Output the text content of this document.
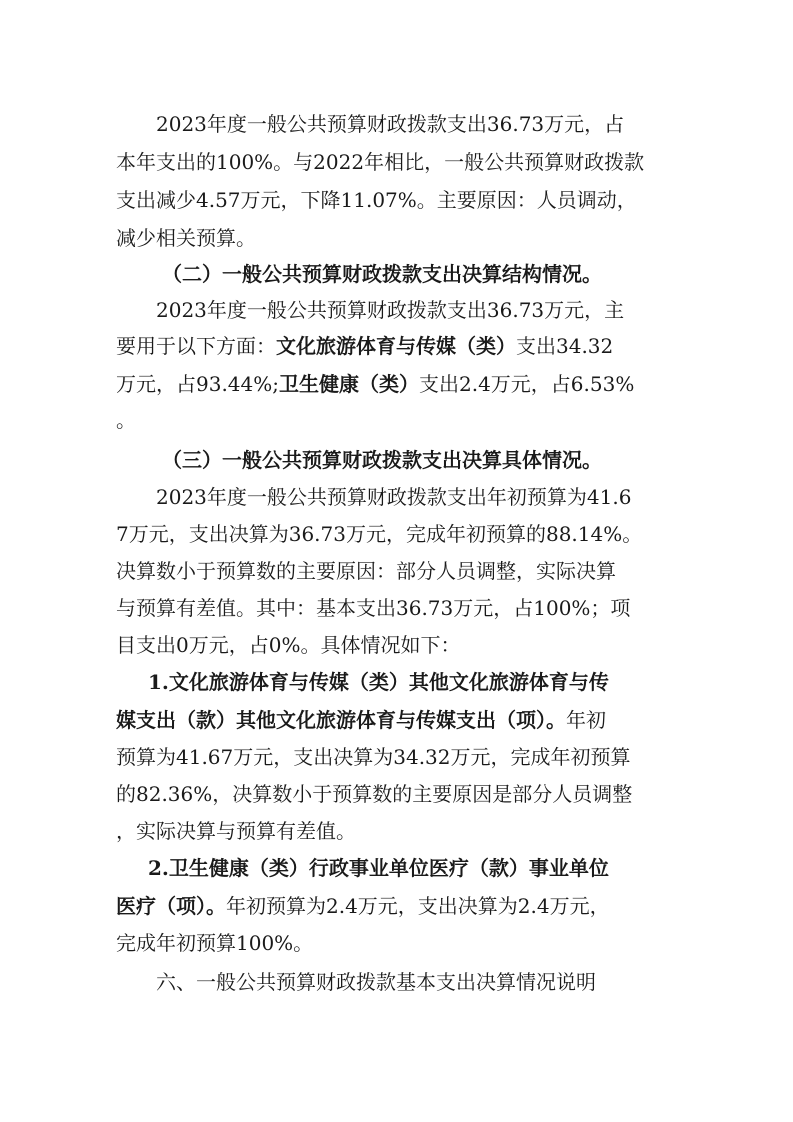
2023年度一般公共预算财政拨款支出36.73万元，占
本年支出的100%。与2022年相比，一般公共预算财政拨款
支出减少4.57万元，下降11.07%。主要原因：人员调动，
减少相关预算。
（二）一般公共预算财政拨款支出决算结构情况。
2023年度一般公共预算财政拨款支出36.73万元，主
要用于以下方面：文化旅游体育与传媒（类）支出34.32
万元，占93.44%;卫生健康（类）支出2.4万元，占6.53%
。
（三）一般公共预算财政拨款支出决算具体情况。
2023年度一般公共预算财政拨款支出年初预算为41.6
7万元，支出决算为36.73万元，完成年初预算的88.14%。
决算数小于预算数的主要原因：部分人员调整，实际决算
与预算有差值。其中：基本支出36.73万元，占100%；项
目支出0万元，占0%。具体情况如下：
1.文化旅游体育与传媒（类）其他文化旅游体育与传
媒支出（款）其他文化旅游体育与传媒支出（项）。年初
预算为41.67万元，支出决算为34.32万元，完成年初预算
的82.36%，决算数小于预算数的主要原因是部分人员调整
，实际决算与预算有差值。
2.卫生健康（类）行政事业单位医疗（款）事业单位
医疗（项）。年初预算为2.4万元，支出决算为2.4万元，
完成年初预算100%。
六、一般公共预算财政拨款基本支出决算情况说明
